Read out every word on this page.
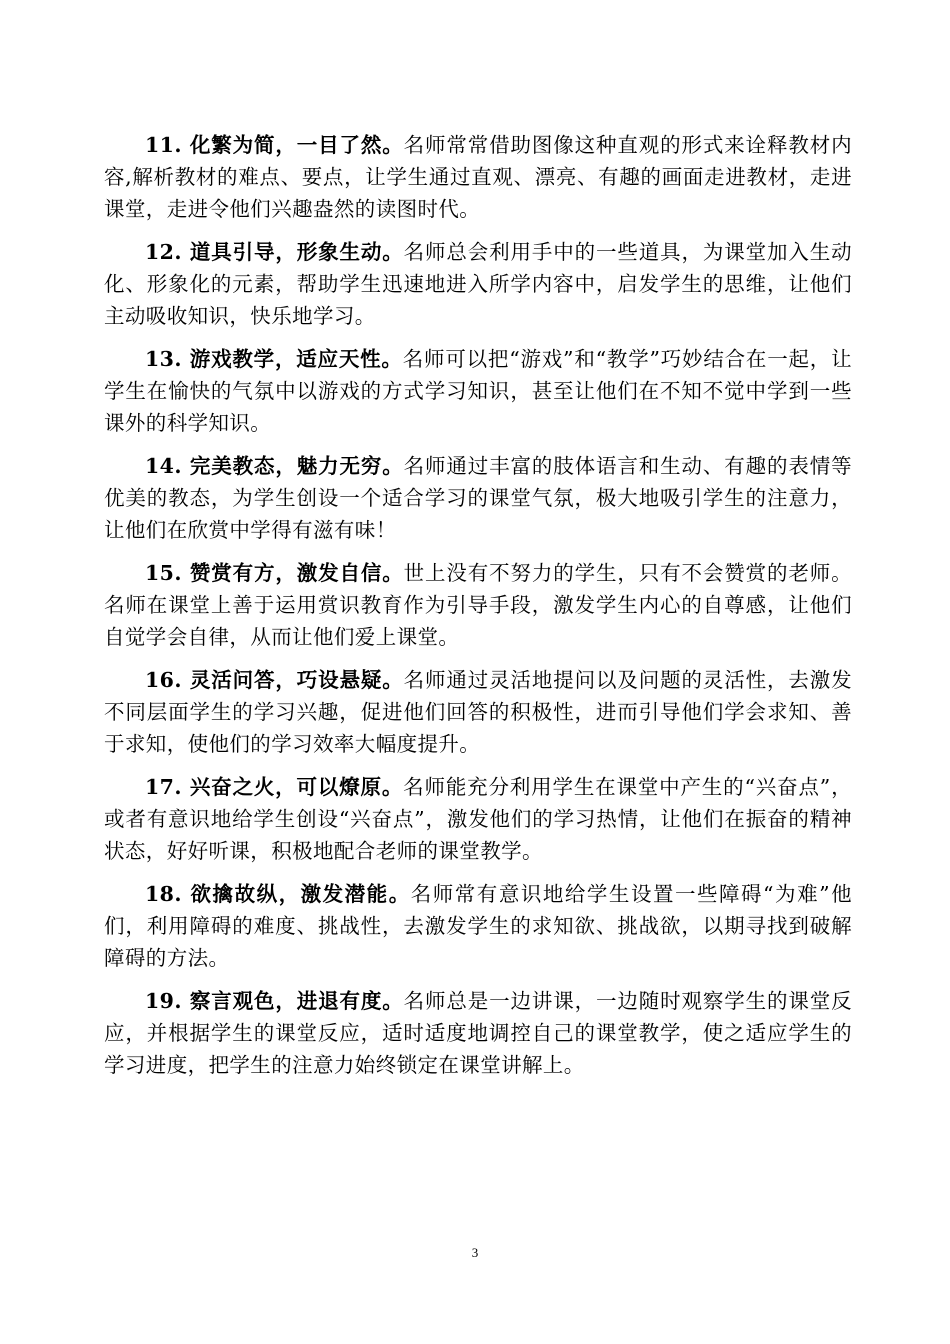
11. 化繁为简，一目了然。名师常常借助图像这种直观的形式来诠释教材内容,解析教材的难点、要点，让学生通过直观、漂亮、有趣的画面走进教材，走进课堂，走进令他们兴趣盎然的读图时代。

12. 道具引导，形象生动。名师总会利用手中的一些道具，为课堂加入生动化、形象化的元素，帮助学生迅速地进入所学内容中，启发学生的思维，让他们主动吸收知识，快乐地学习。

13. 游戏教学，适应天性。名师可以把“游戏”和“教学”巧妙结合在一起，让学生在愉快的气氛中以游戏的方式学习知识，甚至让他们在不知不觉中学到一些课外的科学知识。

14. 完美教态，魅力无穷。名师通过丰富的肢体语言和生动、有趣的表情等优美的教态，为学生创设一个适合学习的课堂气氛，极大地吸引学生的注意力，让他们在欣赏中学得有滋有味！

15. 赞赏有方，激发自信。世上没有不努力的学生，只有不会赞赏的老师。名师在课堂上善于运用赏识教育作为引导手段，激发学生内心的自尊感，让他们自觉学会自律，从而让他们爱上课堂。

16. 灵活问答，巧设悬疑。名师通过灵活地提问以及问题的灵活性，去激发不同层面学生的学习兴趣，促进他们回答的积极性，进而引导他们学会求知、善于求知，使他们的学习效率大幅度提升。

17. 兴奋之火，可以燎原。名师能充分利用学生在课堂中产生的“兴奋点”，或者有意识地给学生创设“兴奋点”，激发他们的学习热情，让他们在振奋的精神状态，好好听课，积极地配合老师的课堂教学。

18. 欲擒故纵，激发潜能。名师常有意识地给学生设置一些障碍“为难”他们，利用障碍的难度、挑战性，去激发学生的求知欲、挑战欲，以期寻找到破解障碍的方法。

19. 察言观色，进退有度。名师总是一边讲课，一边随时观察学生的课堂反应，并根据学生的课堂反应，适时适度地调控自己的课堂教学，使之适应学生的学习进度，把学生的注意力始终锁定在课堂讲解上。

3
